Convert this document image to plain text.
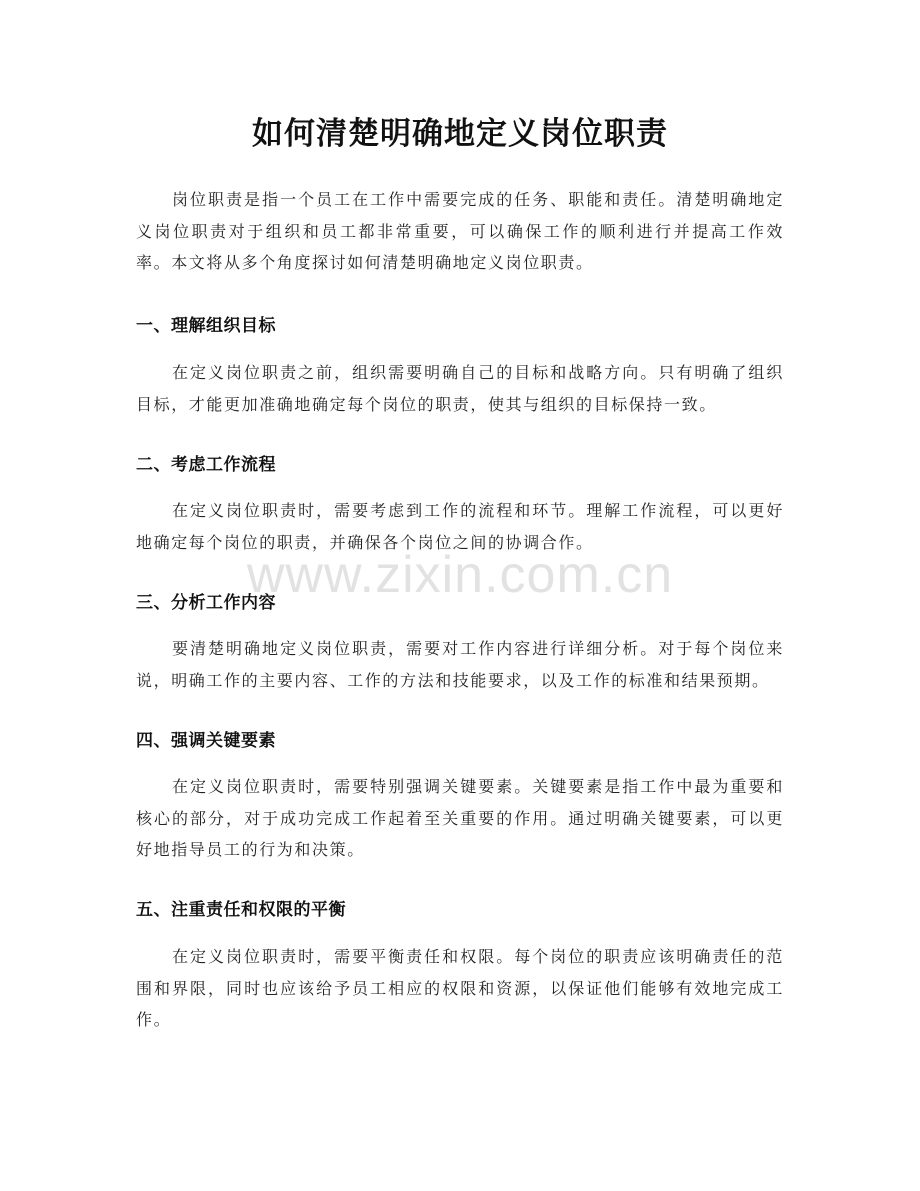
如何清楚明确地定义岗位职责

岗位职责是指一个员工在工作中需要完成的任务、职能和责任。清楚明确地定义岗位职责对于组织和员工都非常重要，可以确保工作的顺利进行并提高工作效率。本文将从多个角度探讨如何清楚明确地定义岗位职责。

一、理解组织目标

在定义岗位职责之前，组织需要明确自己的目标和战略方向。只有明确了组织目标，才能更加准确地确定每个岗位的职责，使其与组织的目标保持一致。

二、考虑工作流程

在定义岗位职责时，需要考虑到工作的流程和环节。理解工作流程，可以更好地确定每个岗位的职责，并确保各个岗位之间的协调合作。

三、分析工作内容

要清楚明确地定义岗位职责，需要对工作内容进行详细分析。对于每个岗位来说，明确工作的主要内容、工作的方法和技能要求，以及工作的标准和结果预期。

四、强调关键要素

在定义岗位职责时，需要特别强调关键要素。关键要素是指工作中最为重要和核心的部分，对于成功完成工作起着至关重要的作用。通过明确关键要素，可以更好地指导员工的行为和决策。

五、注重责任和权限的平衡

在定义岗位职责时，需要平衡责任和权限。每个岗位的职责应该明确责任的范围和界限，同时也应该给予员工相应的权限和资源，以保证他们能够有效地完成工作。

www.zixin.com.cn
